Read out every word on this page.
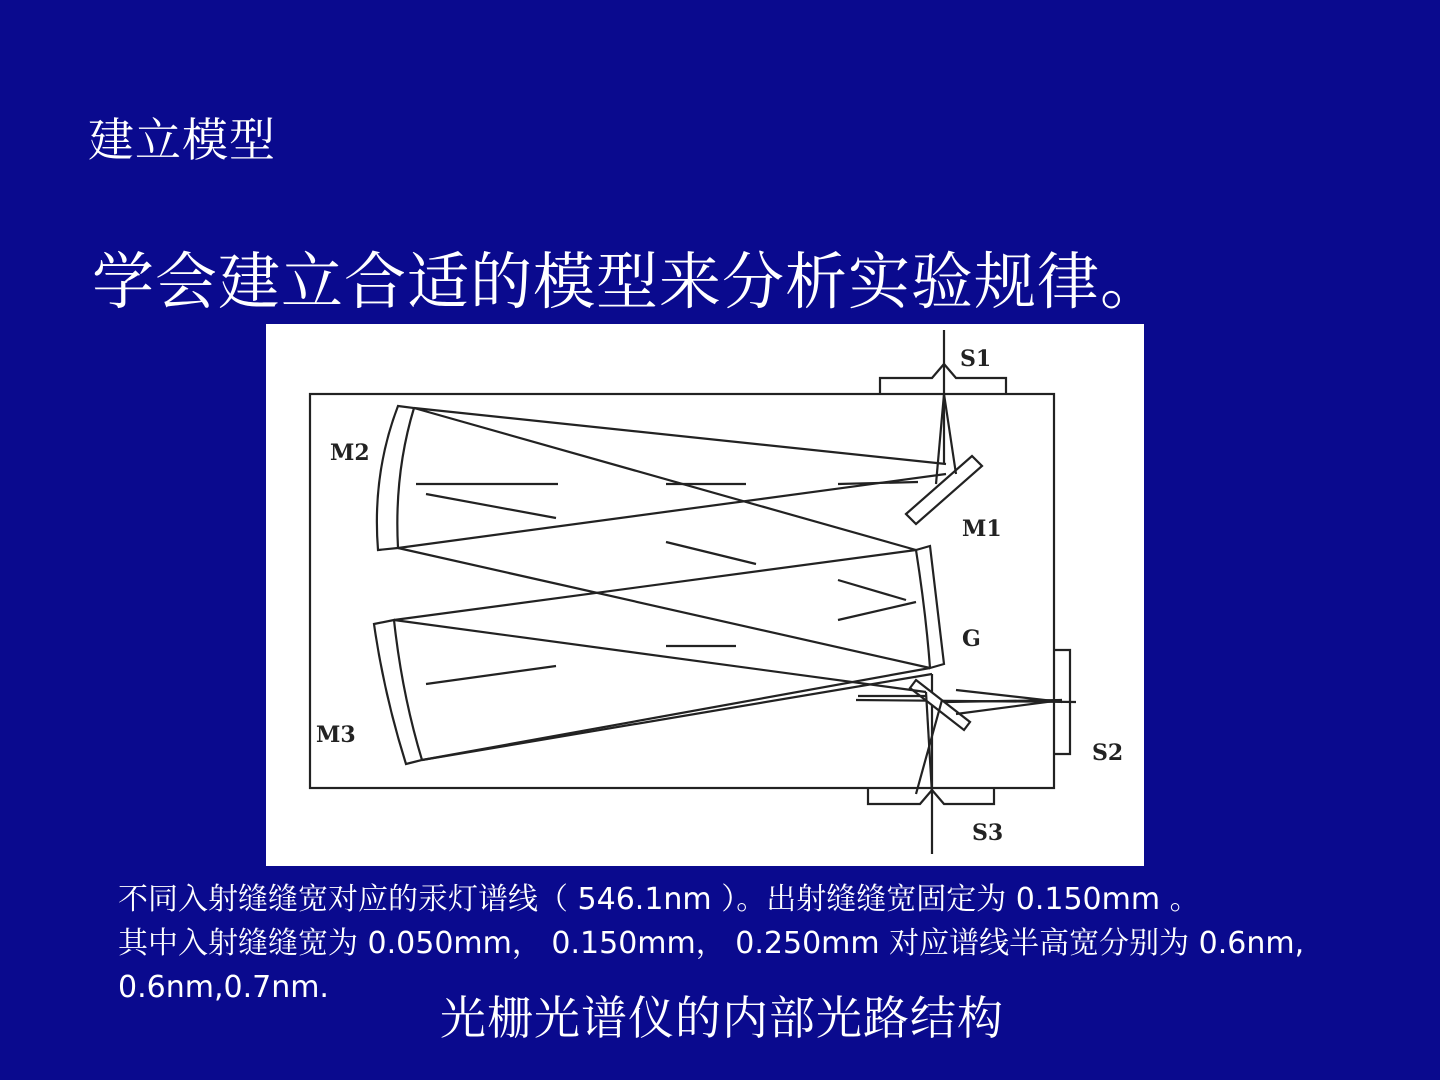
建立模型
学会建立合适的模型来分析实验规律。
S1
M2
M1
G
M3
S2
S3
不同入射缝缝宽对应的汞灯谱线（ 546.1nm ）。出射缝缝宽固定为 0.150mm 。
其中入射缝缝宽为 0.050mm， 0.150mm， 0.250mm 对应谱线半高宽分别为 0.6nm,
0.6nm,0.7nm.
光栅光谱仪的内部光路结构
